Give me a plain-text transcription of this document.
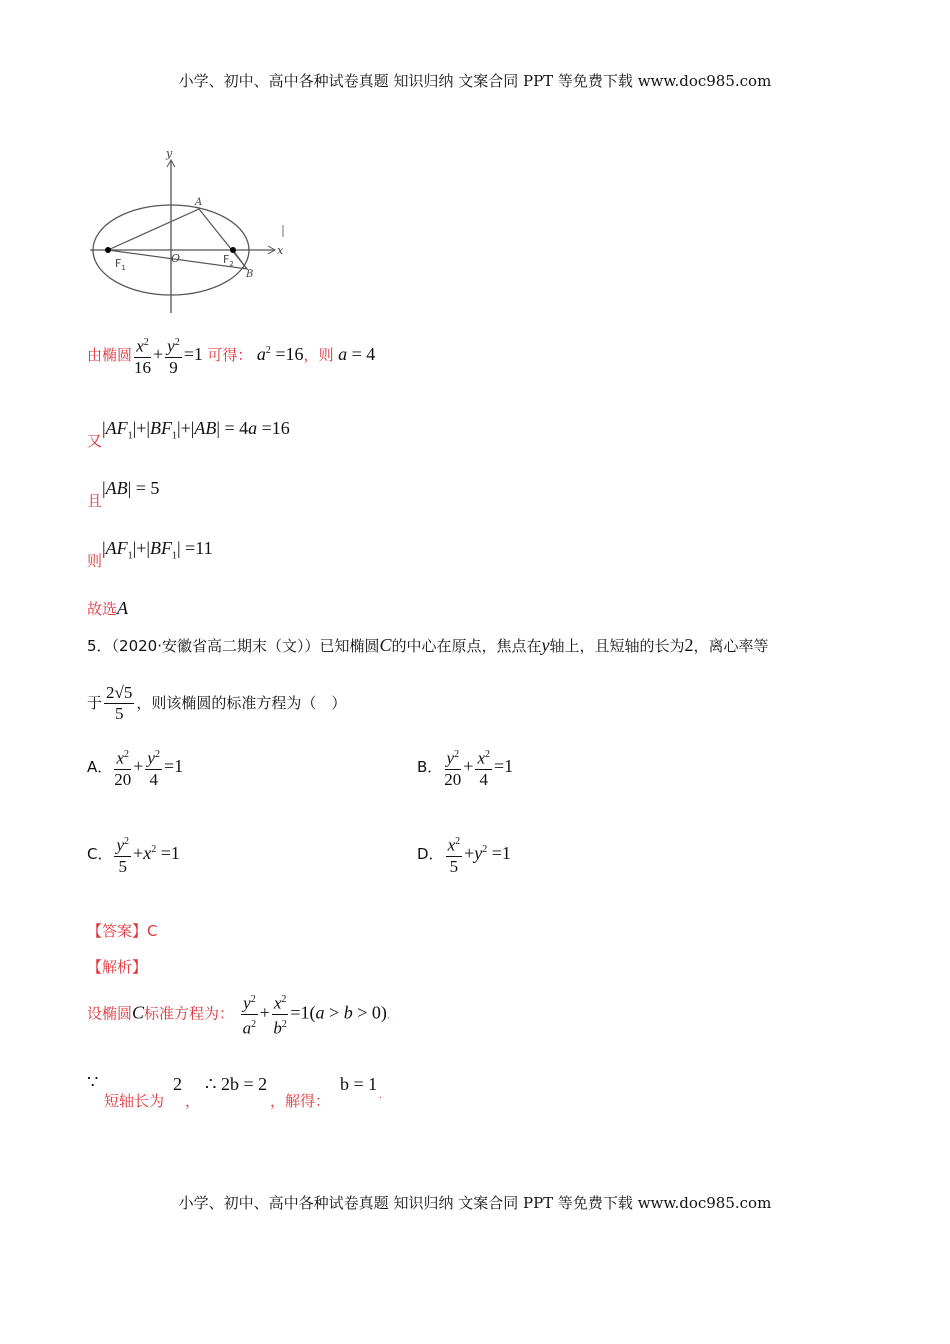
小学、初中、高中各种试卷真题 知识归纳 文案合同 PPT 等免费下载 www.doc985.com
y
x
A
B
O
$F_1$
$F_2$
由椭圆 $\frac{x^2}{16} + \frac{y^2}{9} =1$ 可得： $a^2 =16$，则 a = 4
又$|AF_1|+|BF_1|+|AB| = 4a =16$
且|AB| = 5
则$|AF_1|+|BF_1| =11$
故选A
5．（2020·安徽省高二期末（文））已知椭圆C的中心在原点，焦点在y轴上，且短轴的长为2，离心率等
于 $\frac{2√5}{5}$ ，则该椭圆的标准方程为（　）
A． $\frac{x^2}{20} + \frac{y^2}{4} =1$	B． $\frac{y^2}{20} + \frac{x^2}{4} =1$
C． $\frac{y^2}{5} +x^2 =1$	D． $\frac{x^2}{5} +y^2 =1$
【答案】C
【解析】
设椭圆C标准方程为： $\frac{y^2}{a^2} + \frac{x^2}{b^2} =1(a > b > 0)$.
∵
短轴长为
2
，
∴ 2b = 2
，解得：
b = 1
.
小学、初中、高中各种试卷真题 知识归纳 文案合同 PPT 等免费下载 www.doc985.com
